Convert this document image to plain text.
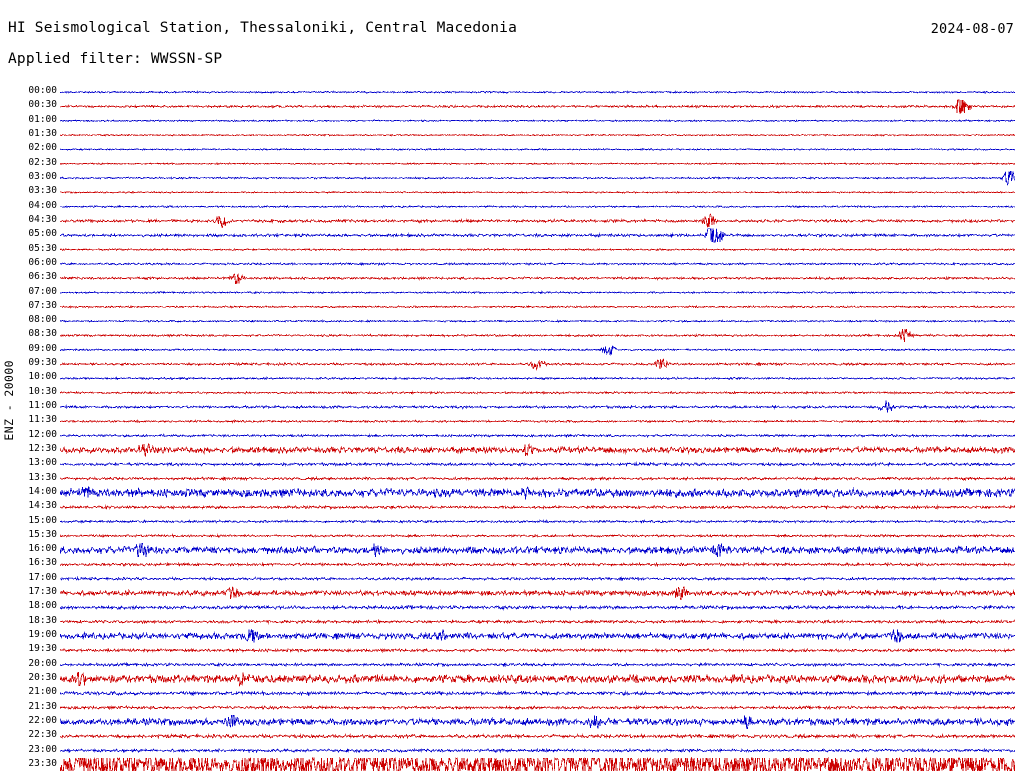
HI Seismological Station, Thessaloniki, Central Macedonia	2024-08-07
Applied filter: WWSSN-SP
ENZ - 20000
00:00
00:30
01:00
01:30
02:00
02:30
03:00
03:30
04:00
04:30
05:00
05:30
06:00
06:30
07:00
07:30
08:00
08:30
09:00
09:30
10:00
10:30
11:00
11:30
12:00
12:30
13:00
13:30
14:00
14:30
15:00
15:30
16:00
16:30
17:00
17:30
18:00
18:30
19:00
19:30
20:00
20:30
21:00
21:30
22:00
22:30
23:00
23:30
